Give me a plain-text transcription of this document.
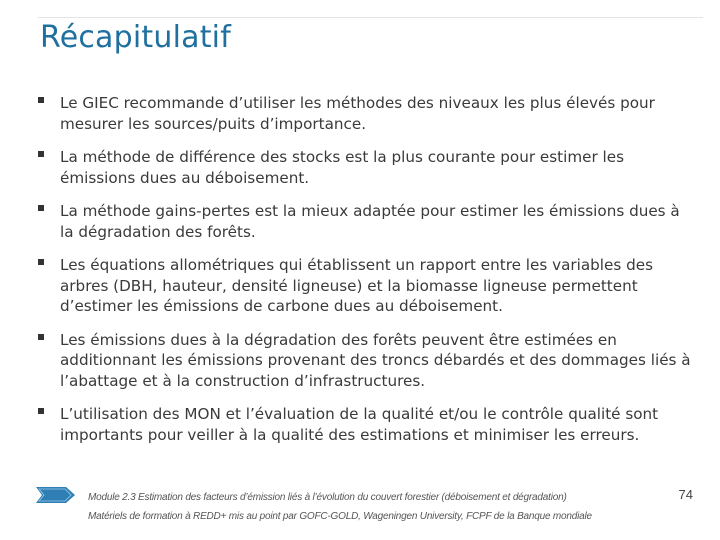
Récapitulatif
Le GIEC recommande d’utiliser les méthodes des niveaux les plus élevés pour mesurer les sources/puits d’importance.
La méthode de différence des stocks est la plus courante pour estimer les émissions dues au déboisement.
La méthode gains-pertes est la mieux adaptée pour estimer les émissions dues à la dégradation des forêts.
Les équations allométriques qui établissent un rapport entre les variables des arbres (DBH, hauteur, densité ligneuse) et la biomasse ligneuse permettent d’estimer les émissions de carbone dues au déboisement.
Les émissions dues à la dégradation des forêts peuvent être estimées en additionnant les émissions provenant des troncs débardés et des dommages liés à l’abattage et à la construction d’infrastructures.
L’utilisation des MON et l’évaluation de la qualité et/ou le contrôle qualité sont importants pour veiller à la qualité des estimations et minimiser les erreurs.
Module 2.3 Estimation des facteurs d’émission liés à l’évolution du couvert forestier (déboisement et dégradation)
Matériels de formation à REDD+ mis au point par GOFC-GOLD, Wageningen University, FCPF de la Banque mondiale
74
